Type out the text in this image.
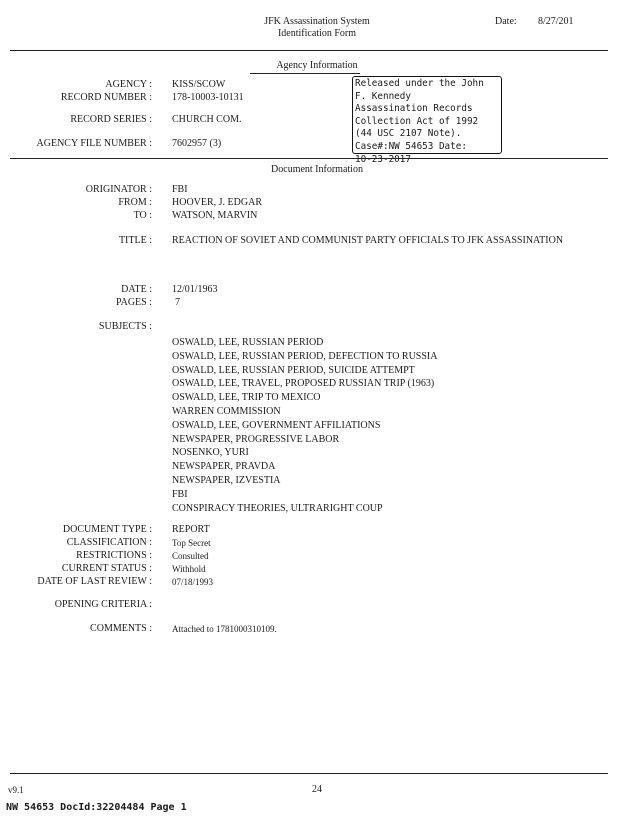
JFK Assassination System
Identification Form
Date: 8/27/201
Agency Information
AGENCY : KISS/SCOW
RECORD NUMBER : 178-10003-10131
RECORD SERIES : CHURCH COM.
AGENCY FILE NUMBER : 7602957 (3)
Released under the John
F. Kennedy
Assassination Records
Collection Act of 1992
(44 USC 2107 Note).
Case#:NW 54653 Date:
10-23-2017
Document Information
ORIGINATOR : FBI
FROM : HOOVER, J. EDGAR
TO : WATSON, MARVIN
TITLE : REACTION OF SOVIET AND COMMUNIST PARTY OFFICIALS TO JFK ASSASSINATION
DATE : 12/01/1963
PAGES : 7
SUBJECTS :
OSWALD, LEE, RUSSIAN PERIOD
OSWALD, LEE, RUSSIAN PERIOD, DEFECTION TO RUSSIA
OSWALD, LEE, RUSSIAN PERIOD, SUICIDE ATTEMPT
OSWALD, LEE, TRAVEL, PROPOSED RUSSIAN TRIP (1963)
OSWALD, LEE, TRIP TO MEXICO
WARREN COMMISSION
OSWALD, LEE, GOVERNMENT AFFILIATIONS
NEWSPAPER, PROGRESSIVE LABOR
NOSENKO, YURI
NEWSPAPER, PRAVDA
NEWSPAPER, IZVESTIA
FBI
CONSPIRACY THEORIES, ULTRARIGHT COUP
DOCUMENT TYPE : REPORT
CLASSIFICATION : Top Secret
RESTRICTIONS : Consulted
CURRENT STATUS : Withhold
DATE OF LAST REVIEW : 07/18/1993
OPENING CRITERIA :
COMMENTS : Attached to 1781000310109.
v9.1	24
NW 54653 DocId:32204484 Page 1
